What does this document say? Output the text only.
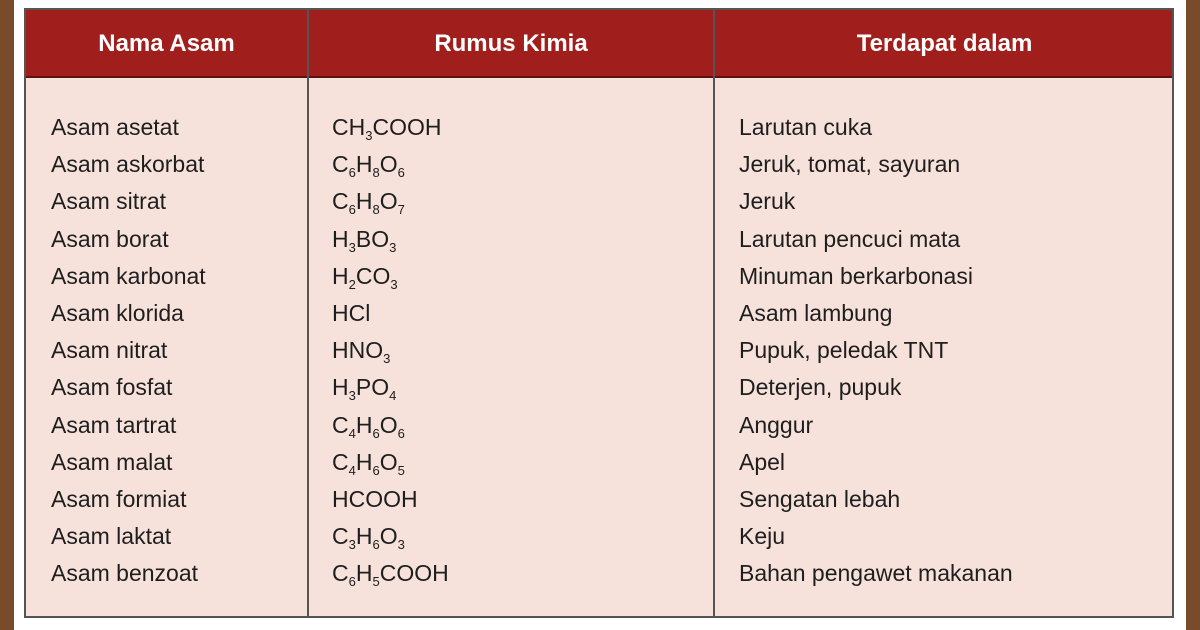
Nama Asam	Rumus Kimia	Terdapat dalam
Asam asetat	$CH_3COOH$	Larutan cuka
Asam askorbat	$C_6H_8O_6$	Jeruk, tomat, sayuran
Asam sitrat	$C_6H_8O_7$	Jeruk
Asam borat	$H_3BO_3$	Larutan pencuci mata
Asam karbonat	$H_2CO_3$	Minuman berkarbonasi
Asam klorida	HCl	Asam lambung
Asam nitrat	$HNO_3$	Pupuk, peledak TNT
Asam fosfat	$H_3PO_4$	Deterjen, pupuk
Asam tartrat	$C_4H_6O_6$	Anggur
Asam malat	$C_4H_6O_5$	Apel
Asam formiat	HCOOH	Sengatan lebah
Asam laktat	$C_3H_6O_3$	Keju
Asam benzoat	$C_6H_5COOH$	Bahan pengawet makanan
